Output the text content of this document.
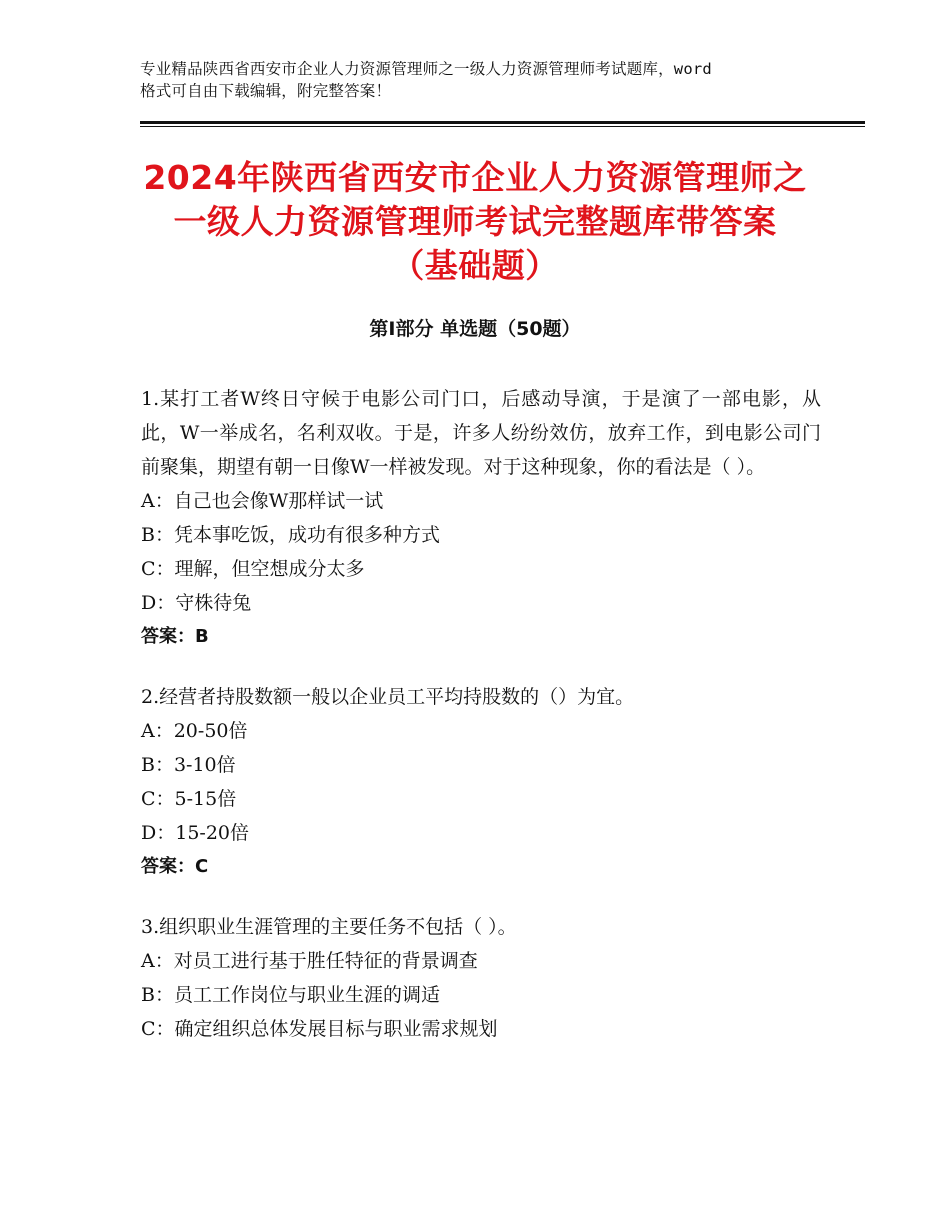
专业精品陕西省西安市企业人力资源管理师之一级人力资源管理师考试题库，word
格式可自由下载编辑，附完整答案！
2024年陕西省西安市企业人力资源管理师之
一级人力资源管理师考试完整题库带答案
（基础题）
第Ⅰ部分 单选题（50题）

1.某打工者W终日守候于电影公司门口，后感动导演，于是演了一部电影，从此，W一举成名，名利双收。于是，许多人纷纷效仿，放弃工作，到电影公司门前聚集，期望有朝一日像W一样被发现。对于这种现象，你的看法是（ ）。

A：自己也会像W那样试一试

B：凭本事吃饭，成功有很多种方式

C：理解，但空想成分太多

D：守株待兔

答案：B

2.经营者持股数额一般以企业员工平均持股数的（）为宜。

A：20-50倍

B：3-10倍

C：5-15倍

D：15-20倍

答案：C

3.组织职业生涯管理的主要任务不包括（ ）。

A：对员工进行基于胜任特征的背景调查

B：员工工作岗位与职业生涯的调适

C：确定组织总体发展目标与职业需求规划
